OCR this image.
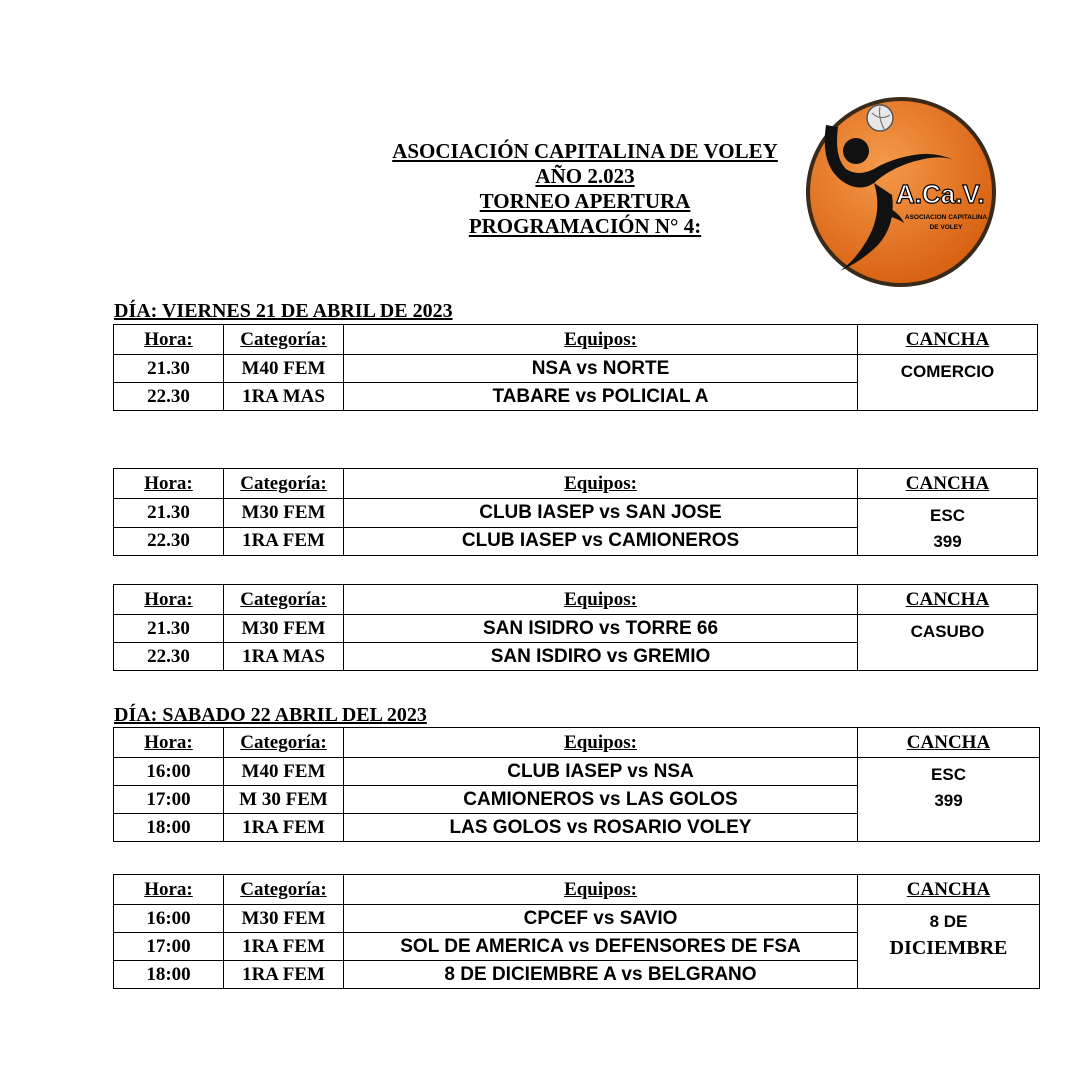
ASOCIACIÓN CAPITALINA DE VOLEY
AÑO 2.023
TORNEO APERTURA
PROGRAMACIÓN N° 4:
A.Ca.V.
ASOCIACION CAPITALINA
DE VOLEY
DÍA: VIERNES 21 DE ABRIL DE 2023
Hora:	Categoría:	Equipos:	CANCHA
21.30	M40 FEM	NSA vs NORTE	COMERCIO

22.30	1RA MAS	TABARE vs POLICIAL A	
Hora:	Categoría:	Equipos:	CANCHA
21.30	M30 FEM	CLUB IASEP vs SAN JOSE	ESC
399

22.30	1RA FEM	CLUB IASEP vs CAMIONEROS	
Hora:	Categoría:	Equipos:	CANCHA
21.30	M30 FEM	SAN ISIDRO vs TORRE 66	CASUBO

22.30	1RA MAS	SAN ISDIRO vs GREMIO	
DÍA: SABADO 22 ABRIL DEL 2023
Hora:	Categoría:	Equipos:	CANCHA
16:00	M40 FEM	CLUB IASEP vs NSA	ESC
399

17:00	M 30 FEM	CAMIONEROS vs LAS GOLOS	
18:00	1RA FEM	LAS GOLOS vs ROSARIO VOLEY	
Hora:	Categoría:	Equipos:	CANCHA
16:00	M30 FEM	CPCEF vs SAVIO	8 DE
DICIEMBRE

17:00	1RA FEM	SOL DE AMERICA vs DEFENSORES DE FSA	
18:00	1RA FEM	8 DE DICIEMBRE A vs BELGRANO	
